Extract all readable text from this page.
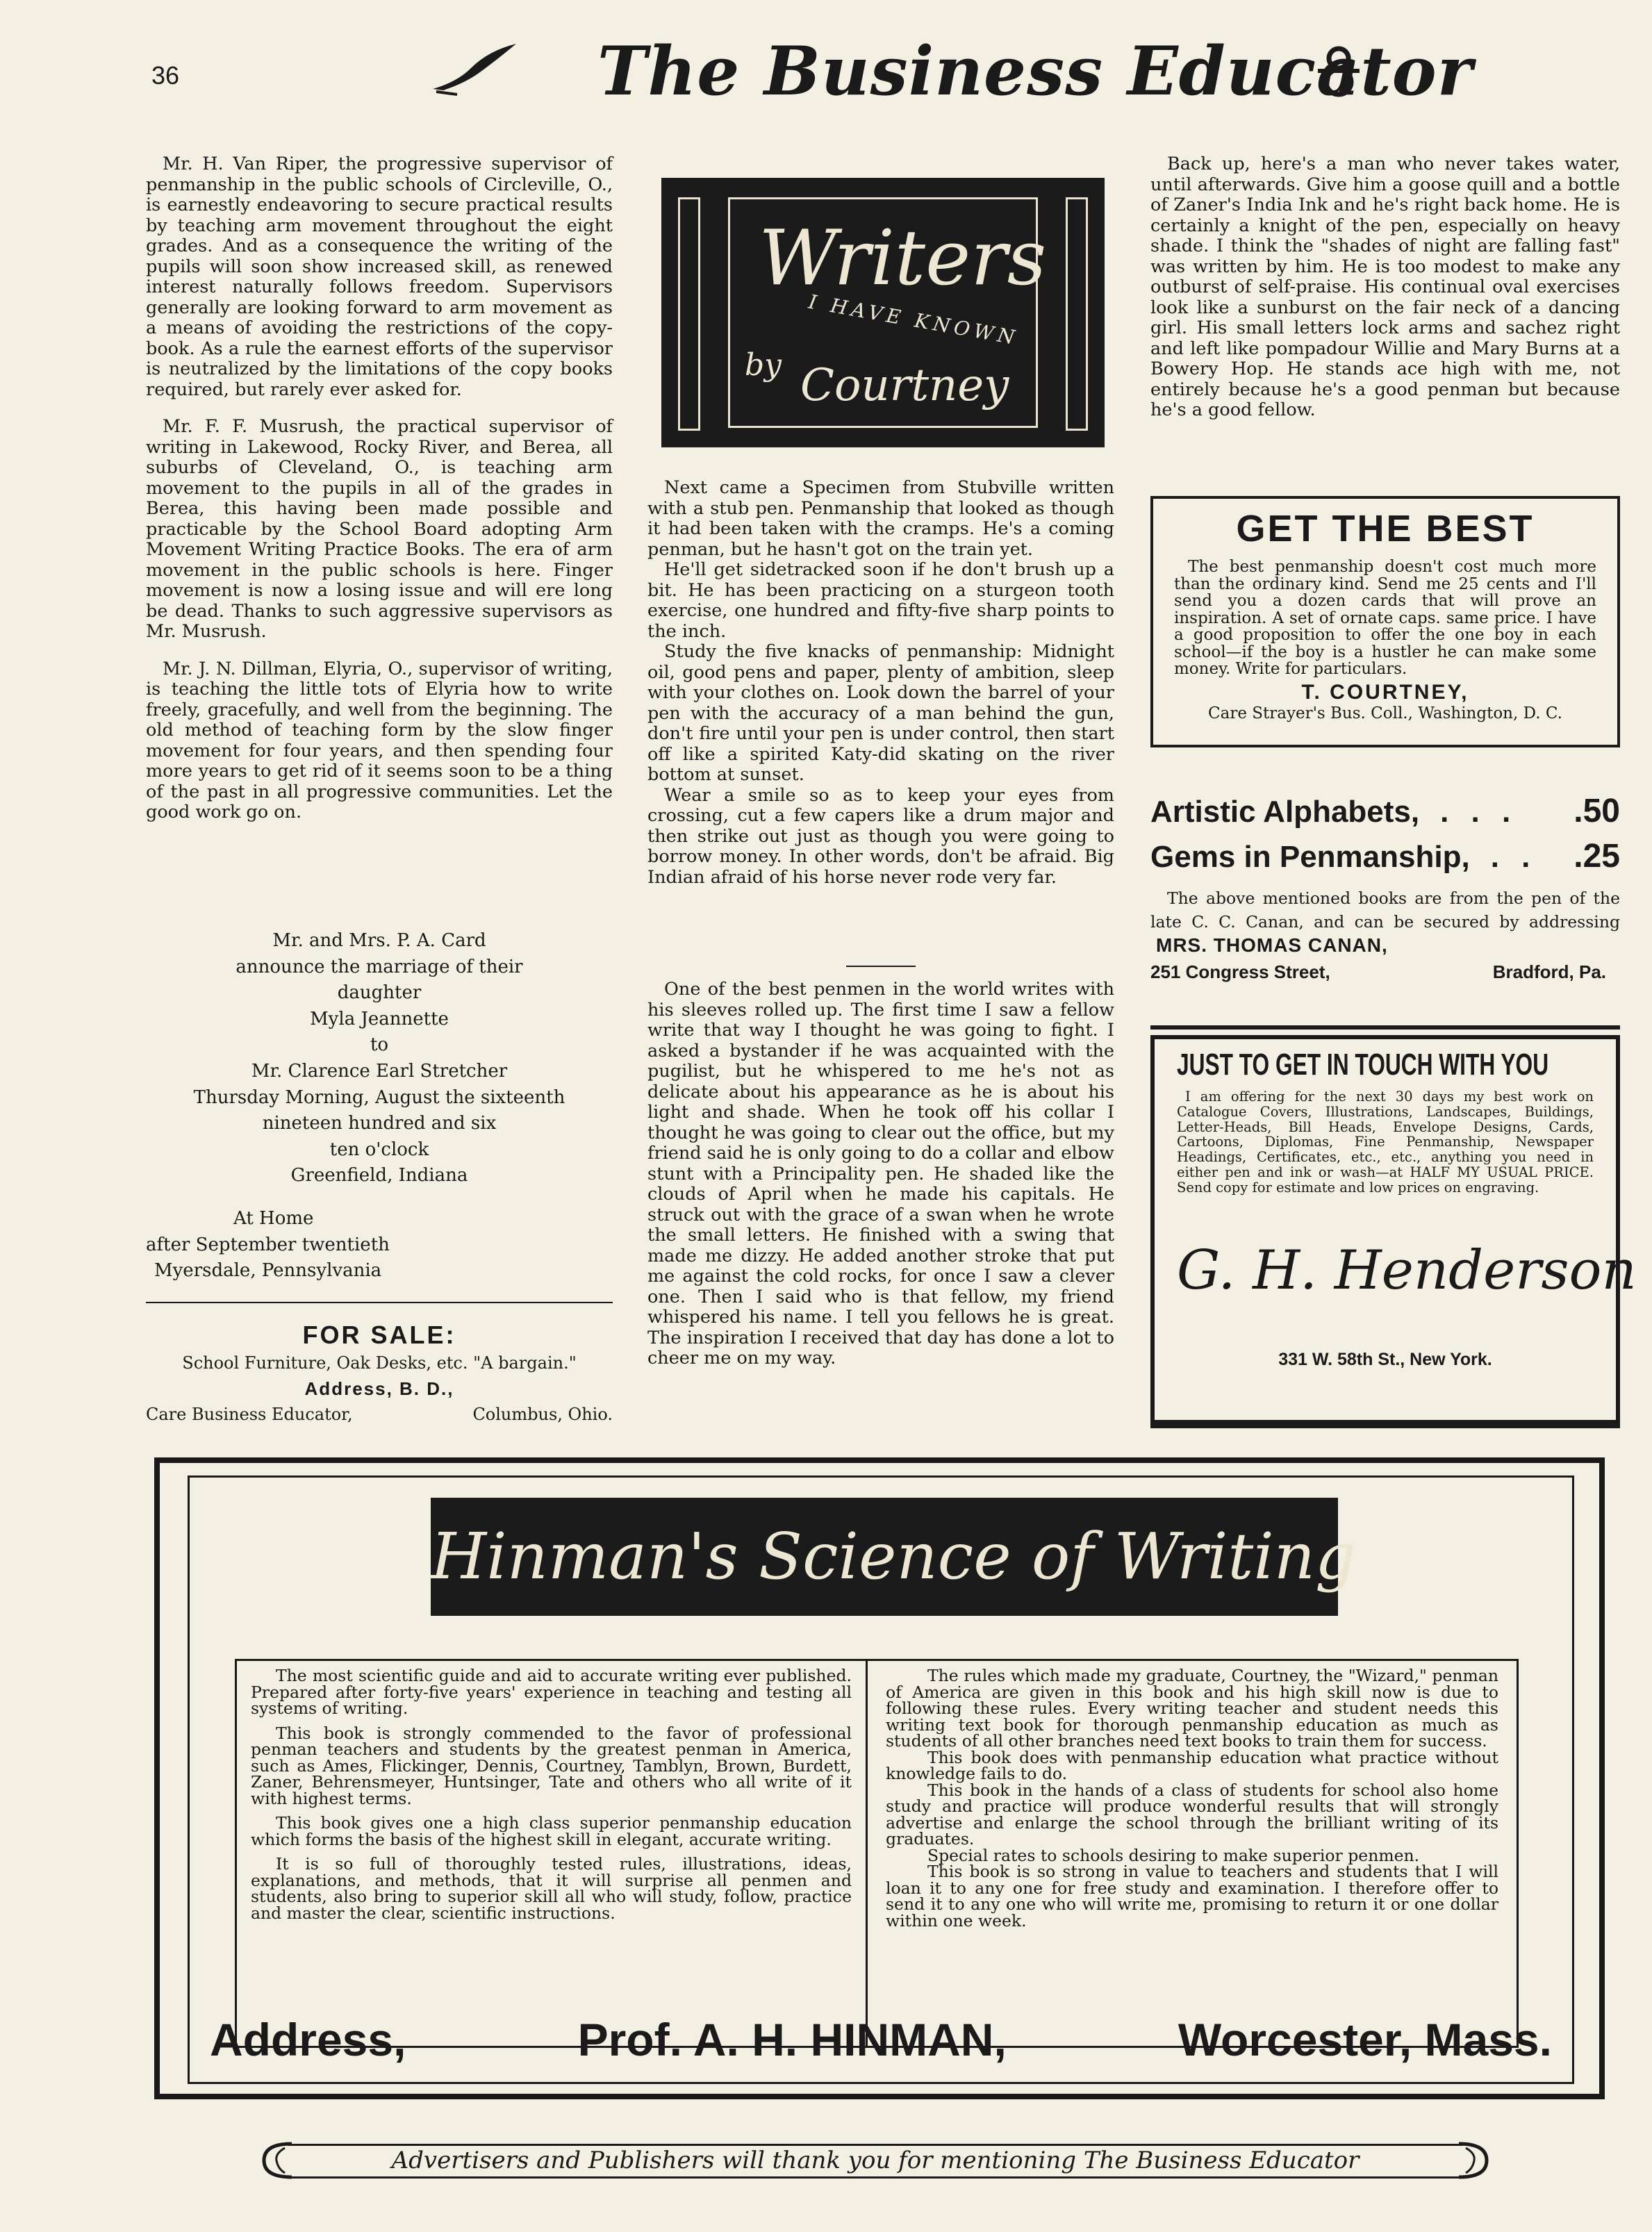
36	The Business Educator

Mr. H. Van Riper, the progressive supervisor of penmanship in the public schools of Circleville, O., is earnestly endeavoring to secure practical results by teaching arm movement throughout the eight grades. And as a consequence the writing of the pupils will soon show increased skill, as renewed interest naturally follows freedom. Supervisors generally are looking forward to arm movement as a means of avoiding the restrictions of the copy-book. As a rule the earnest efforts of the supervisor is neutralized by the limitations of the copy books required, but rarely ever asked for.

Mr. F. F. Musrush, the practical supervisor of writing in Lakewood, Rocky River, and Berea, all suburbs of Cleveland, O., is teaching arm movement to the pupils in all of the grades in Berea, this having been made possible and practicable by the School Board adopting Arm Movement Writing Practice Books. The era of arm movement in the public schools is here. Finger movement is now a losing issue and will ere long be dead. Thanks to such aggressive supervisors as Mr. Musrush.

Mr. J. N. Dillman, Elyria, O., supervisor of writing, is teaching the little tots of Elyria how to write freely, gracefully, and well from the beginning. The old method of teaching form by the slow finger movement for four years, and then spending four more years to get rid of it seems soon to be a thing of the past in all progressive communities. Let the good work go on.

Mr. and Mrs. P. A. Card
announce the marriage of their
daughter
Myla Jeannette
to
Mr. Clarence Earl Stretcher
Thursday Morning, August the sixteenth
nineteen hundred and six
ten o'clock
Greenfield, Indiana
At Home
after September twentieth
Myersdale, Pennsylvania
FOR SALE:
School Furniture, Oak Desks, etc. "A bargain."
Address, B. D.,
Care Business Educator,	Columbus, Ohio.
Writers
I HAVE KNOWN
by Courtney

Next came a Specimen from Stubville written with a stub pen. Penmanship that looked as though it had been taken with the cramps. He's a coming penman, but he hasn't got on the train yet.

He'll get sidetracked soon if he don't brush up a bit. He has been practicing on a sturgeon tooth exercise, one hundred and fifty-five sharp points to the inch.

Study the five knacks of penmanship: Midnight oil, good pens and paper, plenty of ambition, sleep with your clothes on. Look down the barrel of your pen with the accuracy of a man behind the gun, don't fire until your pen is under control, then start off like a spirited Katy-did skating on the river bottom at sunset.

Wear a smile so as to keep your eyes from crossing, cut a few capers like a drum major and then strike out just as though you were going to borrow money. In other words, don't be afraid. Big Indian afraid of his horse never rode very far.

One of the best penmen in the world writes with his sleeves rolled up. The first time I saw a fellow write that way I thought he was going to fight. I asked a bystander if he was acquainted with the pugilist, but he whispered to me he's not as delicate about his appearance as he is about his light and shade. When he took off his collar I thought he was going to clear out the office, but my friend said he is only going to do a collar and elbow stunt with a Principality pen. He shaded like the clouds of April when he made his capitals. He struck out with the grace of a swan when he wrote the small letters. He finished with a swing that made me dizzy. He added another stroke that put me against the cold rocks, for once I saw a clever one. Then I said who is that fellow, my friend whispered his name. I tell you fellows he is great. The inspiration I received that day has done a lot to cheer me on my way.

Back up, here's a man who never takes water, until afterwards. Give him a goose quill and a bottle of Zaner's India Ink and he's right back home. He is certainly a knight of the pen, especially on heavy shade. I think the "shades of night are falling fast" was written by him. He is too modest to make any outburst of self-praise. His continual oval exercises look like a sunburst on the fair neck of a dancing girl. His small letters lock arms and sachez right and left like pompadour Willie and Mary Burns at a Bowery Hop. He stands ace high with me, not entirely because he's a good penman but because he's a good fellow.

GET THE BEST
The best penmanship doesn't cost much more than the ordinary kind. Send me 25 cents and I'll send you a dozen cards that will prove an inspiration. A set of ornate caps. same price. I have a good proposition to offer the one boy in each school—if the boy is a hustler he can make some money. Write for particulars.
T. COURTNEY,
Care Strayer's Bus. Coll., Washington, D. C.
Artistic Alphabets, . . . .50
Gems in Penmanship, . . .25
The above mentioned books are from the pen of the late C. C. Canan, and can be secured by addressing MRS. THOMAS CANAN,
251 Congress Street,	Bradford, Pa.
JUST TO GET IN TOUCH WITH YOU
I am offering for the next 30 days my best work on Catalogue Covers, Illustrations, Landscapes, Buildings, Letter-Heads, Bill Heads, Envelope Designs, Cards, Cartoons, Diplomas, Fine Penmanship, Newspaper Headings, Certificates, etc., etc., anything you need in either pen and ink or wash—at HALF MY USUAL PRICE. Send copy for estimate and low prices on engraving.
G. H. Henderson
331 W. 58th St., New York.
Hinman's Science of Writing
The most scientific guide and aid to accurate writing ever published. Prepared after forty-five years' experience in teaching and testing all systems of writing.
This book is strongly commended to the favor of professional penman teachers and students by the greatest penman in America, such as Ames, Flickinger, Dennis, Courtney, Tamblyn, Brown, Burdett, Zaner, Behrensmeyer, Huntsinger, Tate and others who all write of it with highest terms.
This book gives one a high class superior penmanship education which forms the basis of the highest skill in elegant, accurate writing.
It is so full of thoroughly tested rules, illustrations, ideas, explanations, and methods, that it will surprise all penmen and students, also bring to superior skill all who will study, follow, practice and master the clear, scientific instructions.
The rules which made my graduate, Courtney, the "Wizard," penman of America are given in this book and his high skill now is due to following these rules. Every writing teacher and student needs this writing text book for thorough penmanship education as much as students of all other branches need text books to train them for success.
This book does with penmanship education what practice without knowledge fails to do.
This book in the hands of a class of students for school also home study and practice will produce wonderful results that will strongly advertise and enlarge the school through the brilliant writing of its graduates.
Special rates to schools desiring to make superior penmen.
This book is so strong in value to teachers and students that I will loan it to any one for free study and examination. I therefore offer to send it to any one who will write me, promising to return it or one dollar within one week.
Address,	Prof. A. H. HINMAN,	Worcester, Mass.
Advertisers and Publishers will thank you for mentioning The Business Educator
